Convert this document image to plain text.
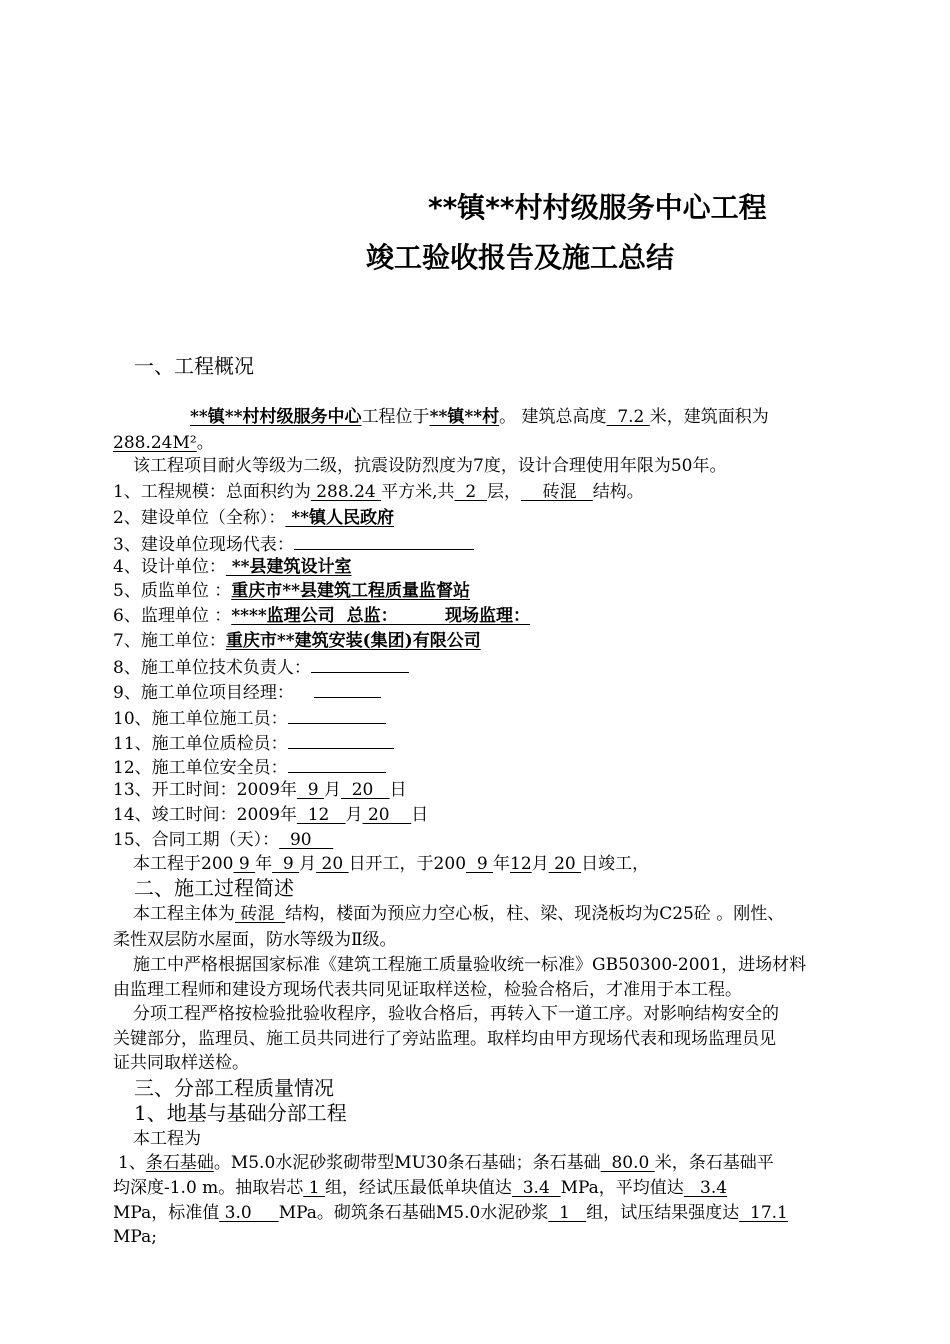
**镇**村村级服务中心工程
竣工验收报告及施工总结
一、工程概况
**镇**村村级服务中心工程位于**镇**村。 建筑总高度  7.2 米，建筑面积为
288.24M²。
该工程项目耐火等级为二级，抗震设防烈度为7度，设计合理使用年限为50年。
1、工程规模：总面积约为 288.24 平方米,共  2  层，    砖混   结构。
2、建设单位（全称）： **镇人民政府
3、建设单位现场代表：
4、设计单位： **县建筑设计室
5、质监单位 ：重庆市**县建筑工程质量监督站
6、监理单位 ：****监理公司  总监：        现场监理：
7、施工单位：重庆市**建筑安装(集团)有限公司
8、施工单位技术负责人：
9、施工单位项目经理：
10、施工单位施工员：
11、施工单位质检员：
12、施工单位安全员：
13、开工时间：2009年  9 月  20   日
14、竣工时间：2009年  12   月 20    日
15、合同工期（天）：  90
本工程于200 9 年  9 月 20 日开工，于200  9 年12月 20 日竣工，
二、施工过程简述
本工程主体为 砖混  结构，楼面为预应力空心板，柱、梁、现浇板均为C25砼 。刚性、
柔性双层防水屋面，防水等级为Ⅱ级。
施工中严格根据国家标准《建筑工程施工质量验收统一标准》GB50300-2001，进场材料
由监理工程师和建设方现场代表共同见证取样送检，检验合格后，才准用于本工程。
分项工程严格按检验批验收程序，验收合格后，再转入下一道工序。对影响结构安全的
关键部分，监理员、施工员共同进行了旁站监理。取样均由甲方现场代表和现场监理员见
证共同取样送检。
三、分部工程质量情况
1、地基与基础分部工程
本工程为
1、条石基础。M5.0水泥砂浆砌带型MU30条石基础；条石基础  80.0 米，条石基础平
均深度-1.0 m。抽取岩芯 1 组，经试压最低单块值达  3.4  MPa，平均值达   3.4
MPa，标准值 3.0     MPa。砌筑条石基础M5.0水泥砂浆  1   组，试压结果强度达  17.1
MPa;
